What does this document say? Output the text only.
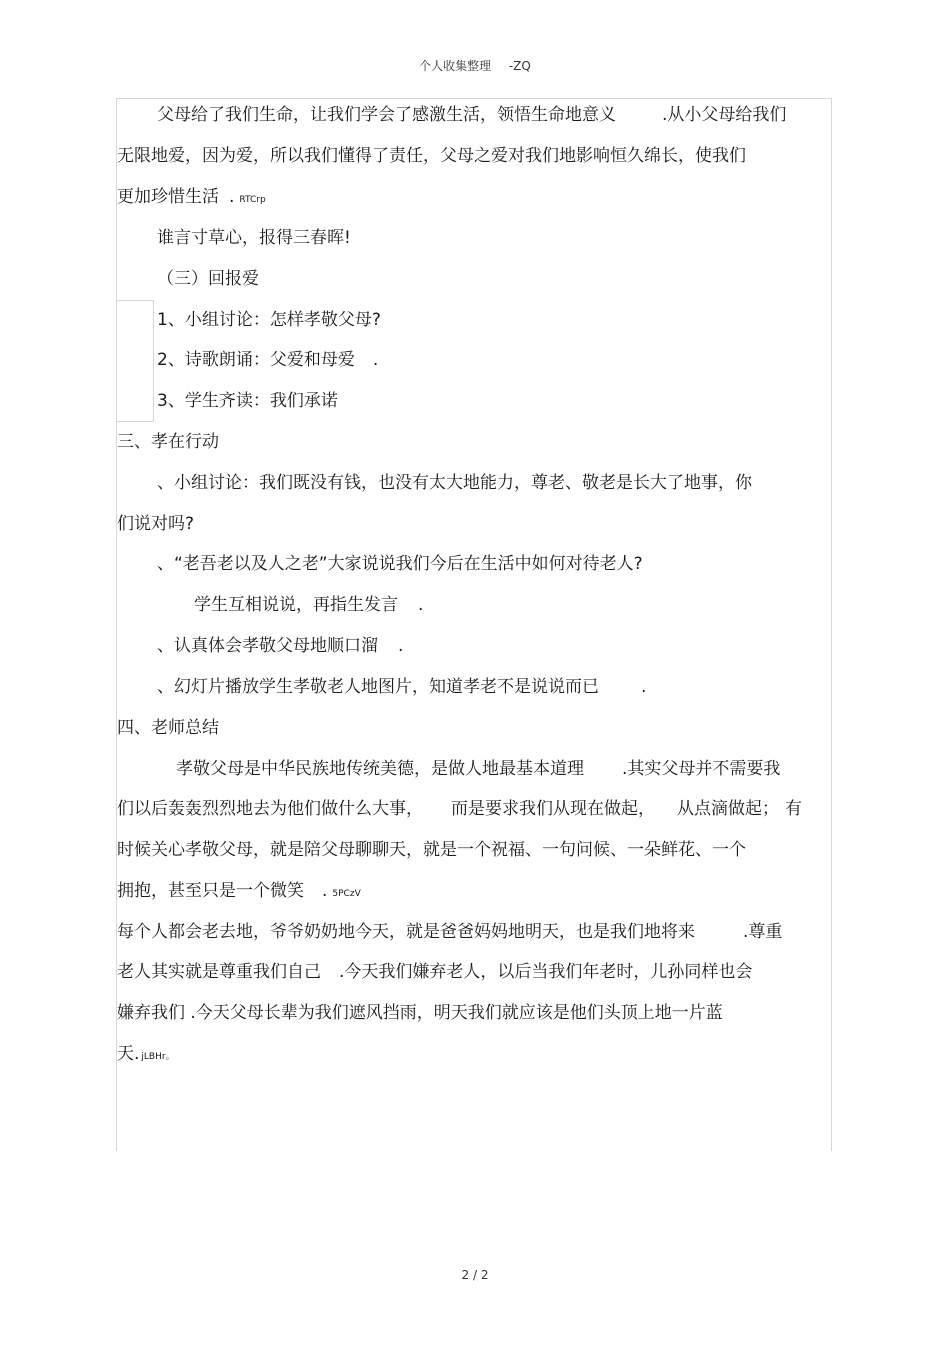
个人收集整理 -ZQ
父母给了我们生命，让我们学会了感激生活，领悟生命地意义	.从小父母给我们
无限地爱，因为爱，所以我们懂得了责任，父母之爱对我们地影响恒久绵长，使我们
更加珍惜生活 . RTCrp
谁言寸草心，报得三春晖!
（三）回报爱
1、小组讨论：怎样孝敬父母?
2、诗歌朗诵：父爱和母爱 .
3、学生齐读：我们承诺
三、孝在行动
、小组讨论：我们既没有钱，也没有太大地能力，尊老、敬老是长大了地事，你
们说对吗?
、“老吾老以及人之老”大家说说我们今后在生活中如何对待老人?
学生互相说说，再指生发言 .
、认真体会孝敬父母地顺口溜 .
、幻灯片播放学生孝敬老人地图片，知道孝老不是说说而已 .
四、老师总结
孝敬父母是中华民族地传统美德，是做人地最基本道理 .其实父母并不需要我
们以后轰轰烈烈地去为他们做什么大事， 而是要求我们从现在做起， 从点滴做起； 有
时候关心孝敬父母，就是陪父母聊聊天，就是一个祝福、一句问候、一朵鲜花、一个
拥抱，甚至只是一个微笑 . 5PCzV
每个人都会老去地，爷爷奶奶地今天，就是爸爸妈妈地明天，也是我们地将来	.尊重
老人其实就是尊重我们自己 .今天我们嫌弃老人，以后当我们年老时，儿孙同样也会
嫌弃我们 .今天父母长辈为我们遮风挡雨，明天我们就应该是他们头顶上地一片蓝
天. jLBHr。
2 / 2
